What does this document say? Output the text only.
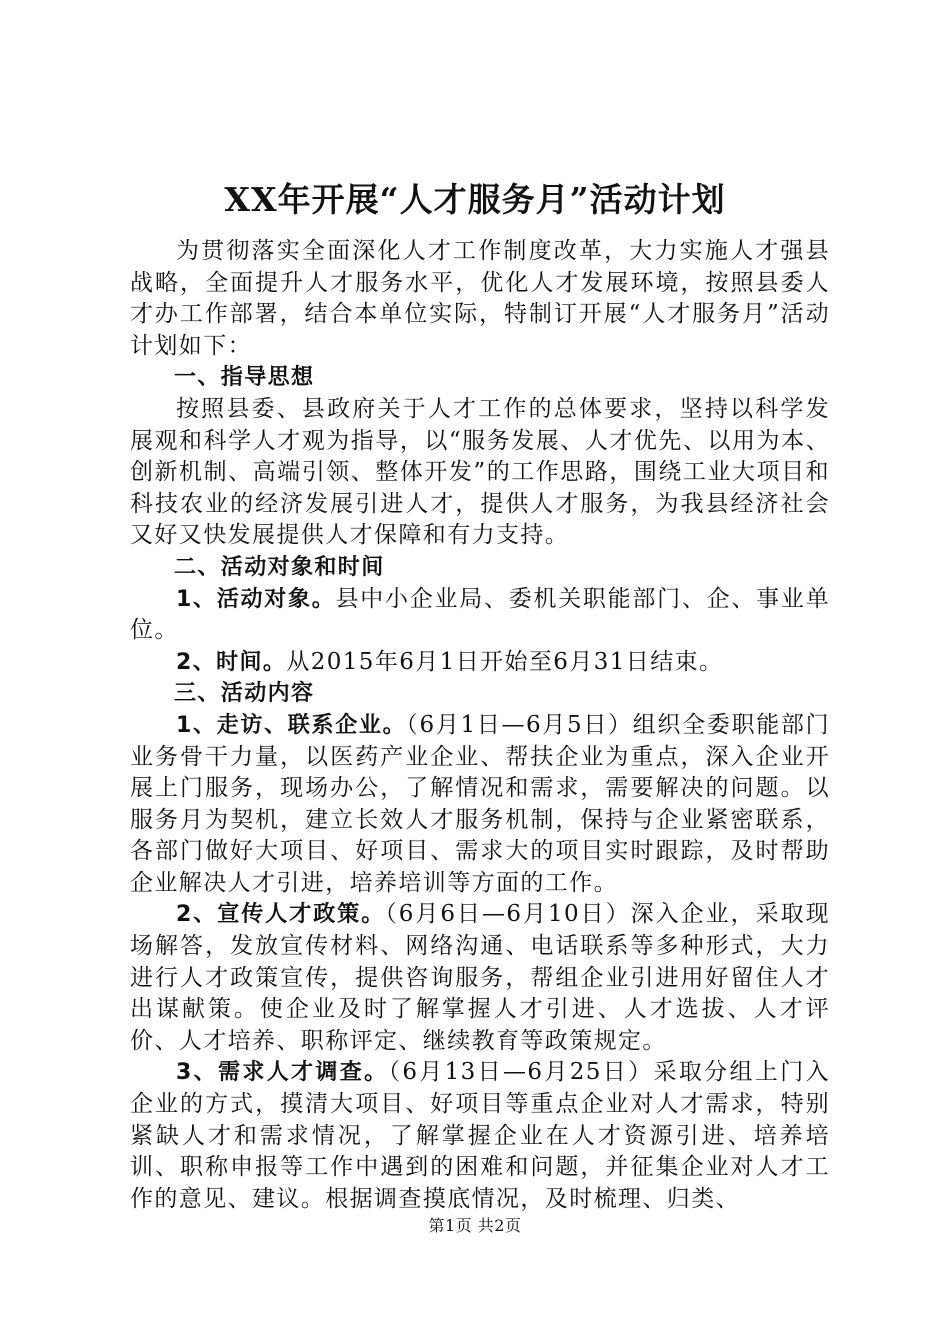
XX年开展“人才服务月”活动计划

为贯彻落实全面深化人才工作制度改革，大力实施人才强县战略，全面提升人才服务水平，优化人才发展环境，按照县委人才办工作部署，结合本单位实际，特制订开展“人才服务月”活动计划如下：

一、指导思想

按照县委、县政府关于人才工作的总体要求，坚持以科学发展观和科学人才观为指导，以“服务发展、人才优先、以用为本、创新机制、高端引领、整体开发”的工作思路，围绕工业大项目和科技农业的经济发展引进人才，提供人才服务，为我县经济社会又好又快发展提供人才保障和有力支持。

二、活动对象和时间

1、活动对象。县中小企业局、委机关职能部门、企、事业单位。

2、时间。从2015年6月1日开始至6月31日结束。

三、活动内容

1、走访、联系企业。（6月1日—6月5日）组织全委职能部门业务骨干力量，以医药产业企业、帮扶企业为重点，深入企业开展上门服务，现场办公，了解情况和需求，需要解决的问题。以服务月为契机，建立长效人才服务机制，保持与企业紧密联系，各部门做好大项目、好项目、需求大的项目实时跟踪，及时帮助企业解决人才引进，培养培训等方面的工作。

2、宣传人才政策。（6月6日—6月10日）深入企业，采取现场解答，发放宣传材料、网络沟通、电话联系等多种形式，大力进行人才政策宣传，提供咨询服务，帮组企业引进用好留住人才出谋献策。使企业及时了解掌握人才引进、人才选拔、人才评价、人才培养、职称评定、继续教育等政策规定。

3、需求人才调查。（6月13日—6月25日）采取分组上门入企业的方式，摸清大项目、好项目等重点企业对人才需求，特别紧缺人才和需求情况，了解掌握企业在人才资源引进、培养培训、职称申报等工作中遇到的困难和问题，并征集企业对人才工作的意见、建议。根据调查摸底情况，及时梳理、归类、

第1页 共2页
